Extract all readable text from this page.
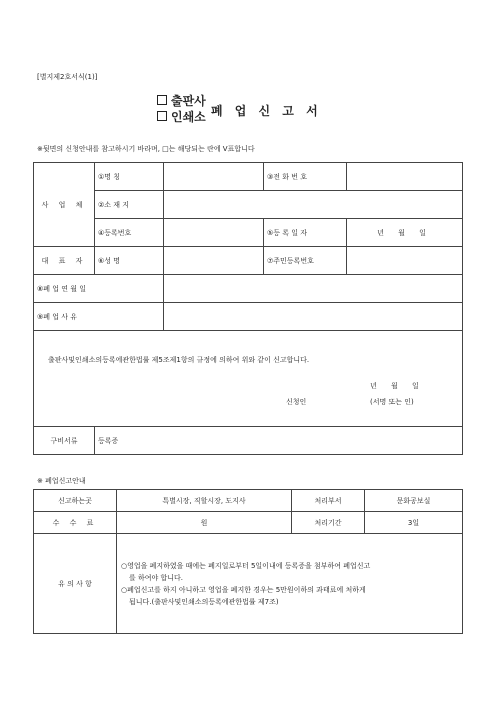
[별지제2호서식(1)]
출판사
인쇄소 폐 업 신 고 서
※뒷면의 신청안내를 참고하시기 바라며, □는 해당되는 란에 V표합니다
사 업 체	①명 칭		③전 화 번 호	
	②소 재 지			
	④등록번호		⑤등 록 일 자	년 월 일
대 표 자	⑥성 명		⑦주민등록번호	
⑧폐 업 연 월 일				
⑨폐 업 사 유				

출판사및인쇄소의등록에관한법률 제5조제1항의 규정에 의하여 위와 같이 신고합니다.
년 월 일
신청인 (서명 또는 인)				

구비서류	등록증			
※ 폐업신고안내
신고하는곳	특별시장, 직할시장, 도지사	처리부서	문화공보실
수 수 료	원	처리기간	3일
유 의 사 항	○영업을 폐지하였을 때에는 폐지일로부터 5일이내에 등록증을 첨부하여 폐업신고

를 하여야 합니다.

○폐업신고를 하지 아니하고 영업을 폐지한 경우는 5만원이하의 과태료에 처하게

됩니다.(출판사및인쇄소의등록에관한법률 제7조)		
